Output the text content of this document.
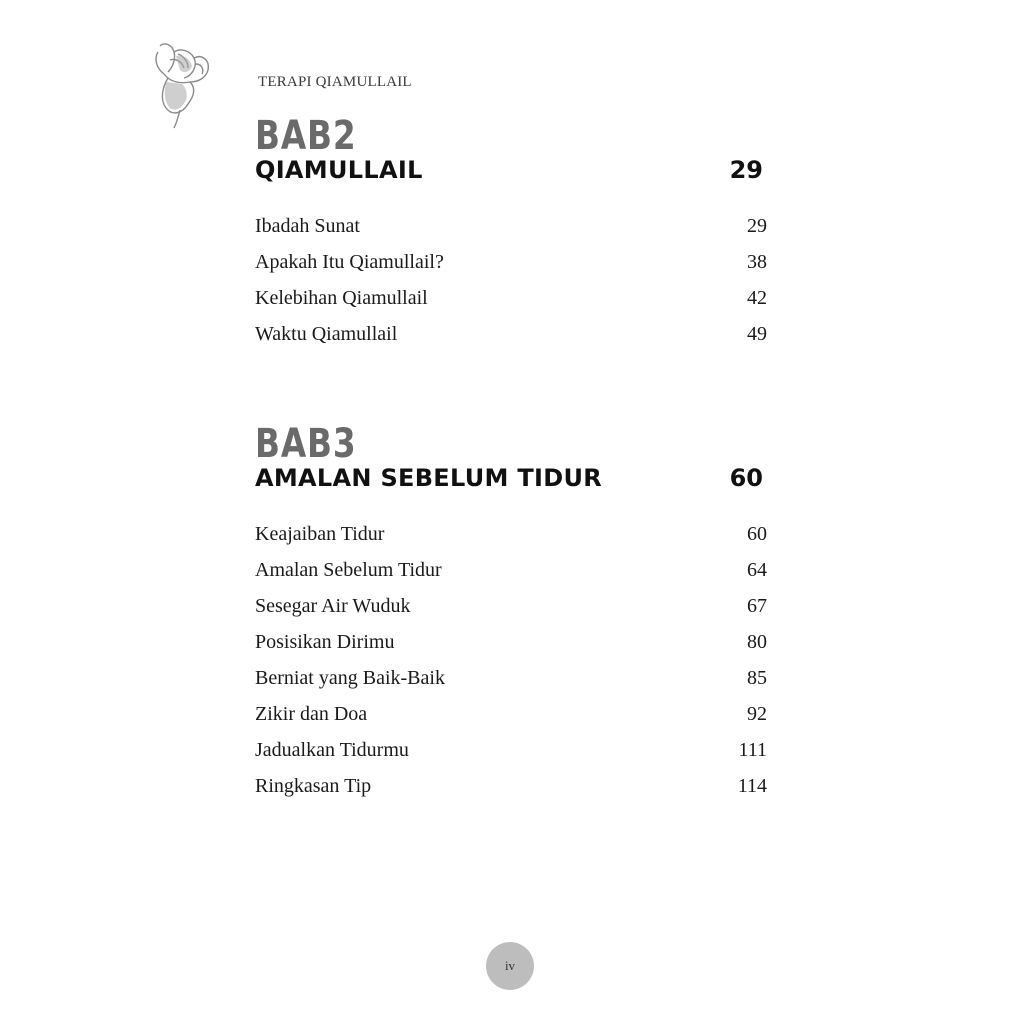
TERAPI QIAMULLAIL
BAB2
QIAMULLAIL	29
Ibadah Sunat	29
Apakah Itu Qiamullail?	38
Kelebihan Qiamullail	42
Waktu Qiamullail	49
BAB3
AMALAN SEBELUM TIDUR	60
Keajaiban Tidur	60
Amalan Sebelum Tidur	64
Sesegar Air Wuduk	67
Posisikan Dirimu	80
Berniat yang Baik-Baik	85
Zikir dan Doa	92
Jadualkan Tidurmu	111
Ringkasan Tip	114
iv
